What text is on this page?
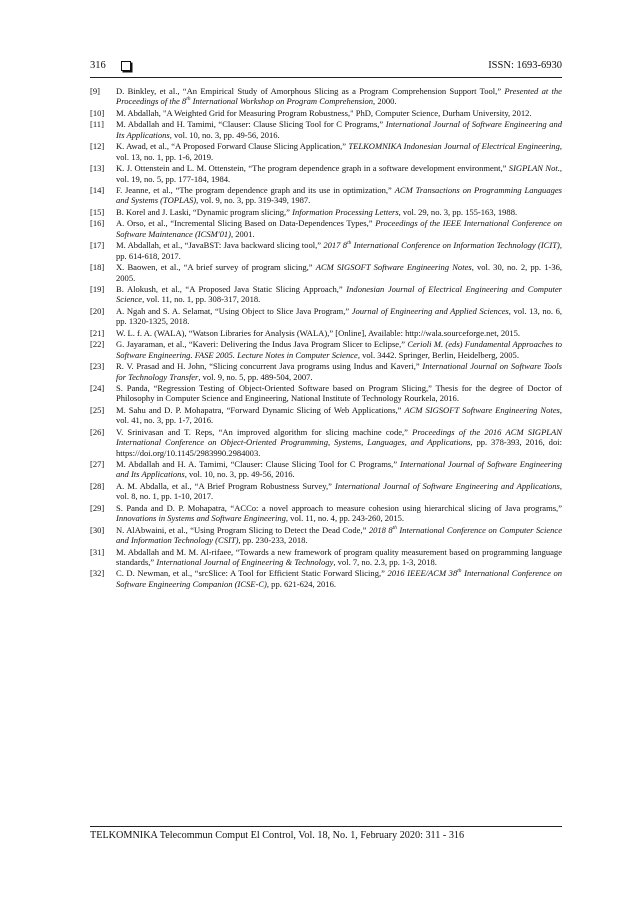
316	ISSN: 1693-6930
[9] D. Binkley, et al., “An Empirical Study of Amorphous Slicing as a Program Comprehension Support Tool,” Presented at the Proceedings of the 8th International Workshop on Program Comprehension, 2000.
[10] M. Abdallah, "A Weighted Grid for Measuring Program Robustness," PhD, Computer Science, Durham University, 2012.
[11] M. Abdallah and H. Tamimi, “Clauser: Clause Slicing Tool for C Programs,” International Journal of Software Engineering and Its Applications, vol. 10, no. 3, pp. 49-56, 2016.
[12] K. Awad, et al., “A Proposed Forward Clause Slicing Application,” TELKOMNIKA Indonesian Journal of Electrical Engineering, vol. 13, no. 1, pp. 1-6, 2019.
[13] K. J. Ottenstein and L. M. Ottenstein, “The program dependence graph in a software development environment,” SIGPLAN Not., vol. 19, no. 5, pp. 177-184, 1984.
[14] F. Jeanne, et al., “The program dependence graph and its use in optimization,” ACM Transactions on Programming Languages and Systems (TOPLAS), vol. 9, no. 3, pp. 319-349, 1987.
[15] B. Korel and J. Laski, “Dynamic program slicing,” Information Processing Letters, vol. 29, no. 3, pp. 155-163, 1988.
[16] A. Orso, et al., “Incremental Slicing Based on Data-Dependences Types,” Proceedings of the IEEE International Conference on Software Maintenance (ICSM'01), 2001.
[17] M. Abdallah, et al., “JavaBST: Java backward slicing tool,” 2017 8th International Conference on Information Technology (ICIT), pp. 614-618, 2017.
[18] X. Baowen, et al., “A brief survey of program slicing,” ACM SIGSOFT Software Engineering Notes, vol. 30, no. 2, pp. 1-36, 2005.
[19] B. Alokush, et al., “A Proposed Java Static Slicing Approach,” Indonesian Journal of Electrical Engineering and Computer Science, vol. 11, no. 1, pp. 308-317, 2018.
[20] A. Ngah and S. A. Selamat, “Using Object to Slice Java Program,” Journal of Engineering and Applied Sciences, vol. 13, no. 6, pp. 1320-1325, 2018.
[21] W. L. f. A. (WALA), “Watson Libraries for Analysis (WALA),” [Online], Available: http://wala.sourceforge.net, 2015.
[22] G. Jayaraman, et al., “Kaveri: Delivering the Indus Java Program Slicer to Eclipse,” Cerioli M. (eds) Fundamental Approaches to Software Engineering. FASE 2005. Lecture Notes in Computer Science, vol. 3442. Springer, Berlin, Heidelberg, 2005.
[23] R. V. Prasad and H. John, “Slicing concurrent Java programs using Indus and Kaveri,” International Journal on Software Tools for Technology Transfer, vol. 9, no. 5, pp. 489-504, 2007.
[24] S. Panda, “Regression Testing of Object-Oriented Software based on Program Slicing,” Thesis for the degree of Doctor of Philosophy in Computer Science and Engineering, National Institute of Technology Rourkela, 2016.
[25] M. Sahu and D. P. Mohapatra, “Forward Dynamic Slicing of Web Applications,” ACM SIGSOFT Software Engineering Notes, vol. 41, no. 3, pp. 1-7, 2016.
[26] V. Srinivasan and T. Reps, “An improved algorithm for slicing machine code,” Proceedings of the 2016 ACM SIGPLAN International Conference on Object-Oriented Programming, Systems, Languages, and Applications, pp. 378-393, 2016, doi: https://doi.org/10.1145/2983990.2984003.
[27] M. Abdallah and H. A. Tamimi, “Clauser: Clause Slicing Tool for C Programs,” International Journal of Software Engineering and Its Applications, vol. 10, no. 3, pp. 49-56, 2016.
[28] A. M. Abdalla, et al., “A Brief Program Robustness Survey,” International Journal of Software Engineering and Applications, vol. 8, no. 1, pp. 1-10, 2017.
[29] S. Panda and D. P. Mohapatra, “ACCo: a novel approach to measure cohesion using hierarchical slicing of Java programs,” Innovations in Systems and Software Engineering, vol. 11, no. 4, pp. 243-260, 2015.
[30] N. AlAbwaini, et al., “Using Program Slicing to Detect the Dead Code,” 2018 8th International Conference on Computer Science and Information Technology (CSIT), pp. 230-233, 2018.
[31] M. Abdallah and M. M. Al-rifaee, “Towards a new framework of program quality measurement based on programming language standards,” International Journal of Engineering & Technology, vol. 7, no. 2.3, pp. 1-3, 2018.
[32] C. D. Newman, et al., “srcSlice: A Tool for Efficient Static Forward Slicing,” 2016 IEEE/ACM 38th International Conference on Software Engineering Companion (ICSE-C), pp. 621-624, 2016.
TELKOMNIKA Telecommun Comput El Control, Vol. 18, No. 1, February 2020: 311 - 316
